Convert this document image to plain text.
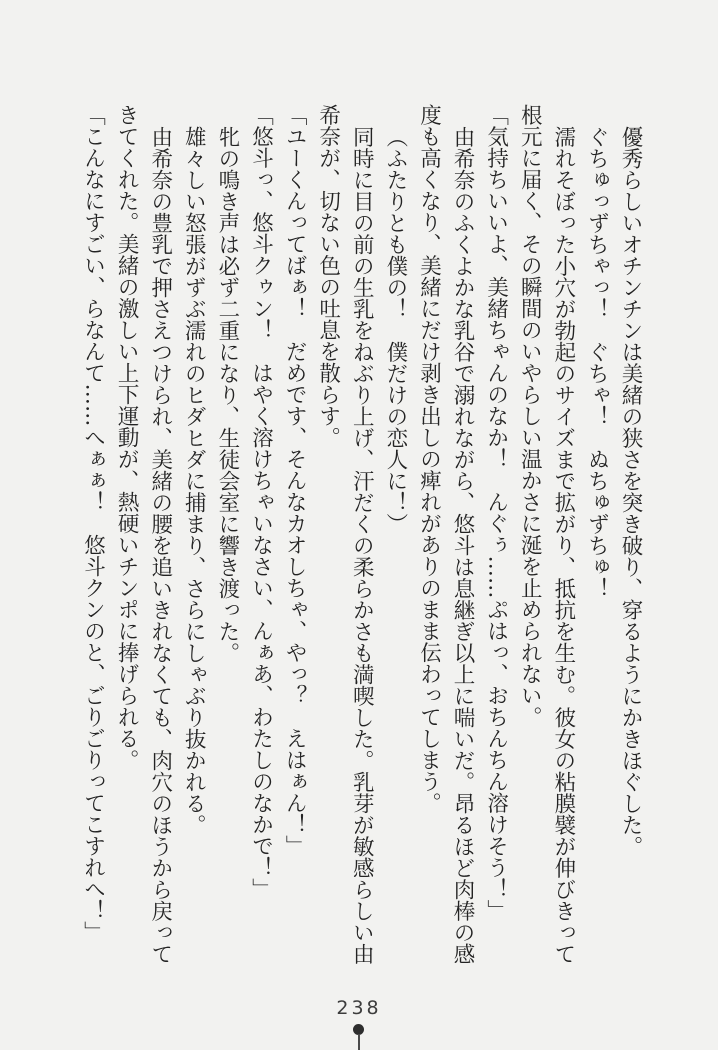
優秀らしいオチンチンは美緒の狭さを突き破り、穿るようにかきほぐした。

ぐちゅっずちゃっ！　ぐちゃ！　ぬちゅずちゅ！

濡れそぼった小穴が勃起のサイズまで拡がり、抵抗を生む。彼女の粘膜襞が伸びきって根元に届く、その瞬間のいやらしい温かさに涎を止められない。

「気持ちいいよ、美緒ちゃんのなか！　んぐぅ……ぷはっ、おちんちん溶けそう！」

由希奈のふくよかな乳谷で溺れながら、悠斗は息継ぎ以上に喘いだ。昂るほど肉棒の感度も高くなり、美緒にだけ剥き出しの痺れがありのまま伝わってしまう。

（ふたりとも僕の！　僕だけの恋人に！）

同時に目の前の生乳をねぶり上げ、汗だくの柔らかさも満喫した。乳芽が敏感らしい由希奈が、切ない色の吐息を散らす。

「ユーくんってばぁ！　だめです、そんなカオしちゃ、やっ？　えはぁん！」

「悠斗っ、悠斗クゥン！　はやく溶けちゃいなさい、んぁあ、わたしのなかで！」

牝の鳴き声は必ず二重になり、生徒会室に響き渡った。

雄々しい怒張がずぶ濡れのヒダヒダに捕まり、さらにしゃぶり抜かれる。

由希奈の豊乳で押さえつけられ、美緒の腰を追いきれなくても、肉穴のほうから戻ってきてくれた。美緒の激しい上下運動が、熱硬いチンポに捧げられる。

「こんなにすごい、らなんて……へぁぁ！　悠斗クンのと、ごりごりってこすれへ！」

238
